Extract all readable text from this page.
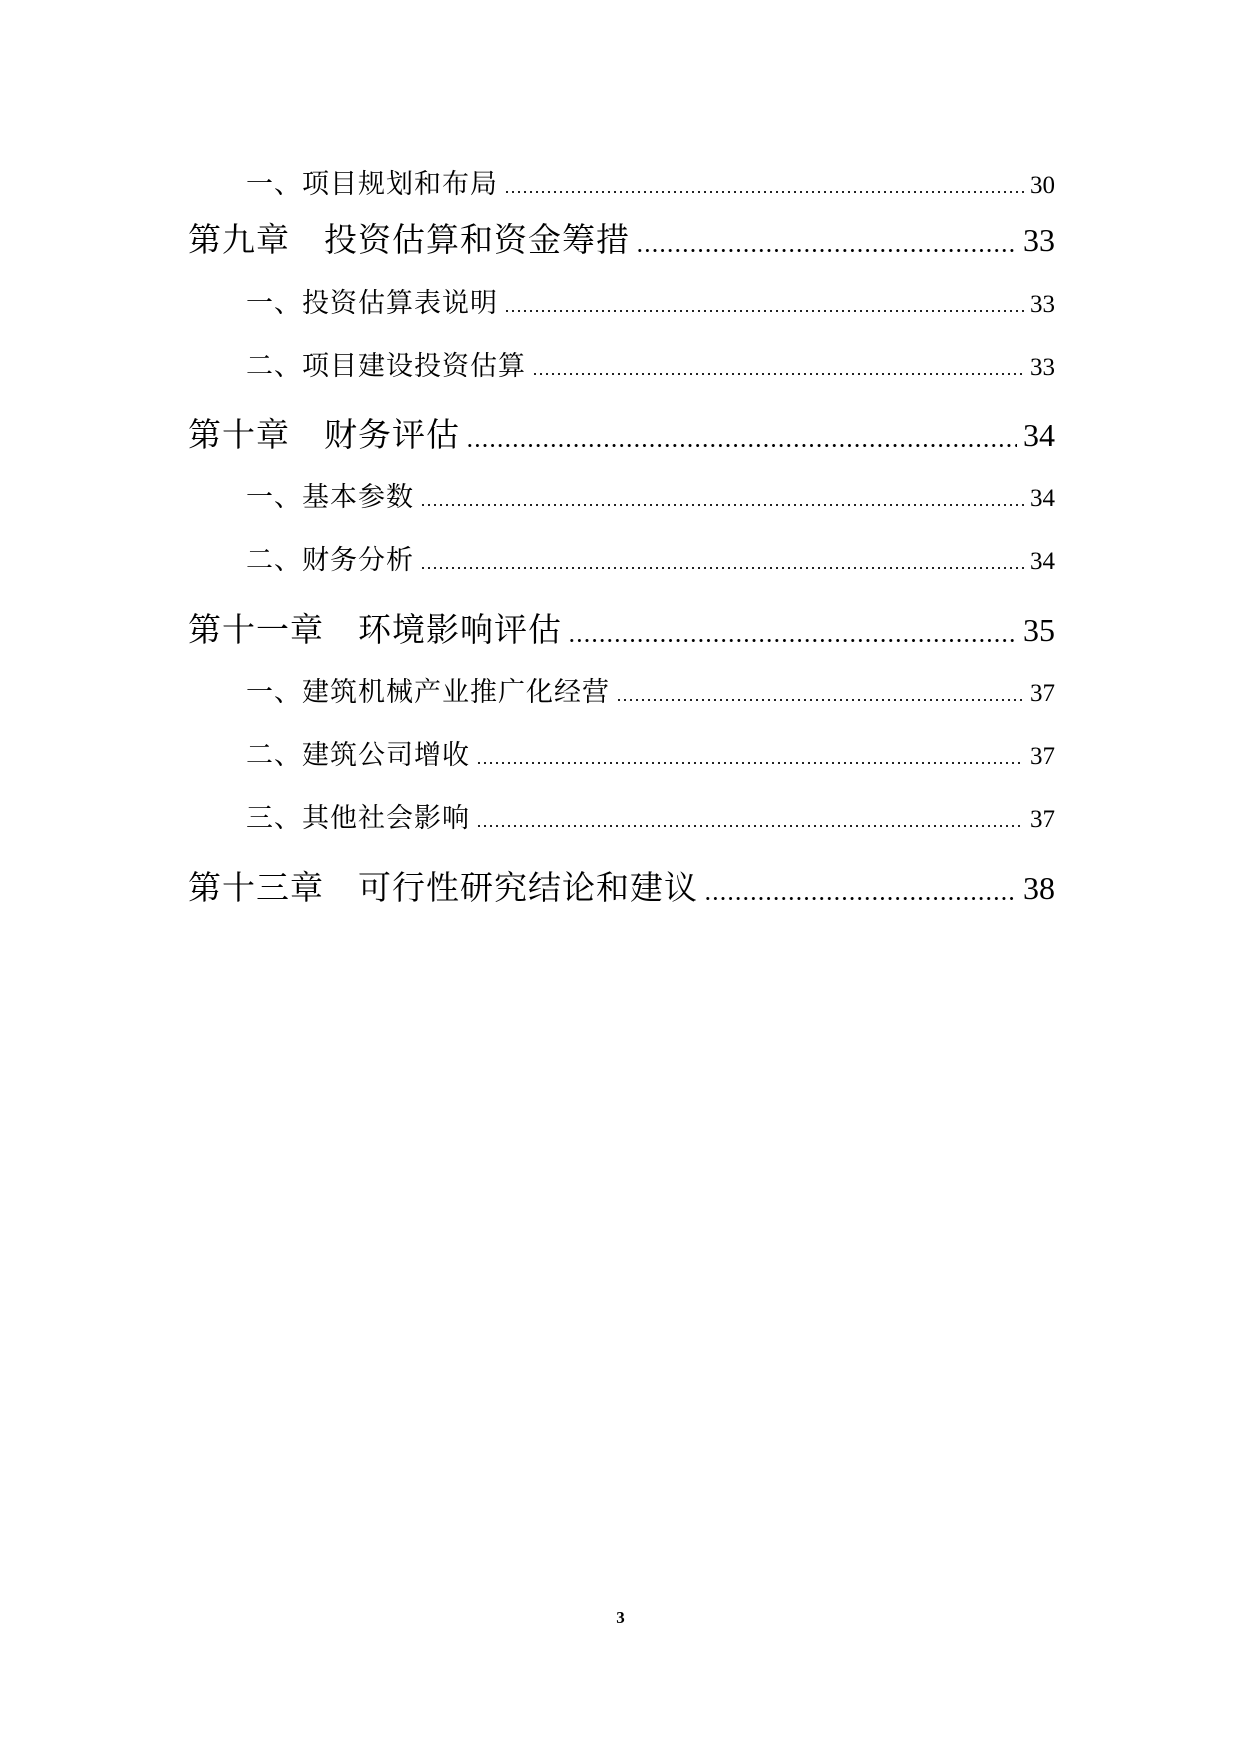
一、项目规划和布局	30
第九章　投资估算和资金筹措	33
一、投资估算表说明	33
二、项目建设投资估算	33
第十章　财务评估	34
一、基本参数	34
二、财务分析	34
第十一章　环境影响评估	35
一、建筑机械产业推广化经营	37
二、建筑公司增收	37
三、其他社会影响	37
第十三章　可行性研究结论和建议	38
3
